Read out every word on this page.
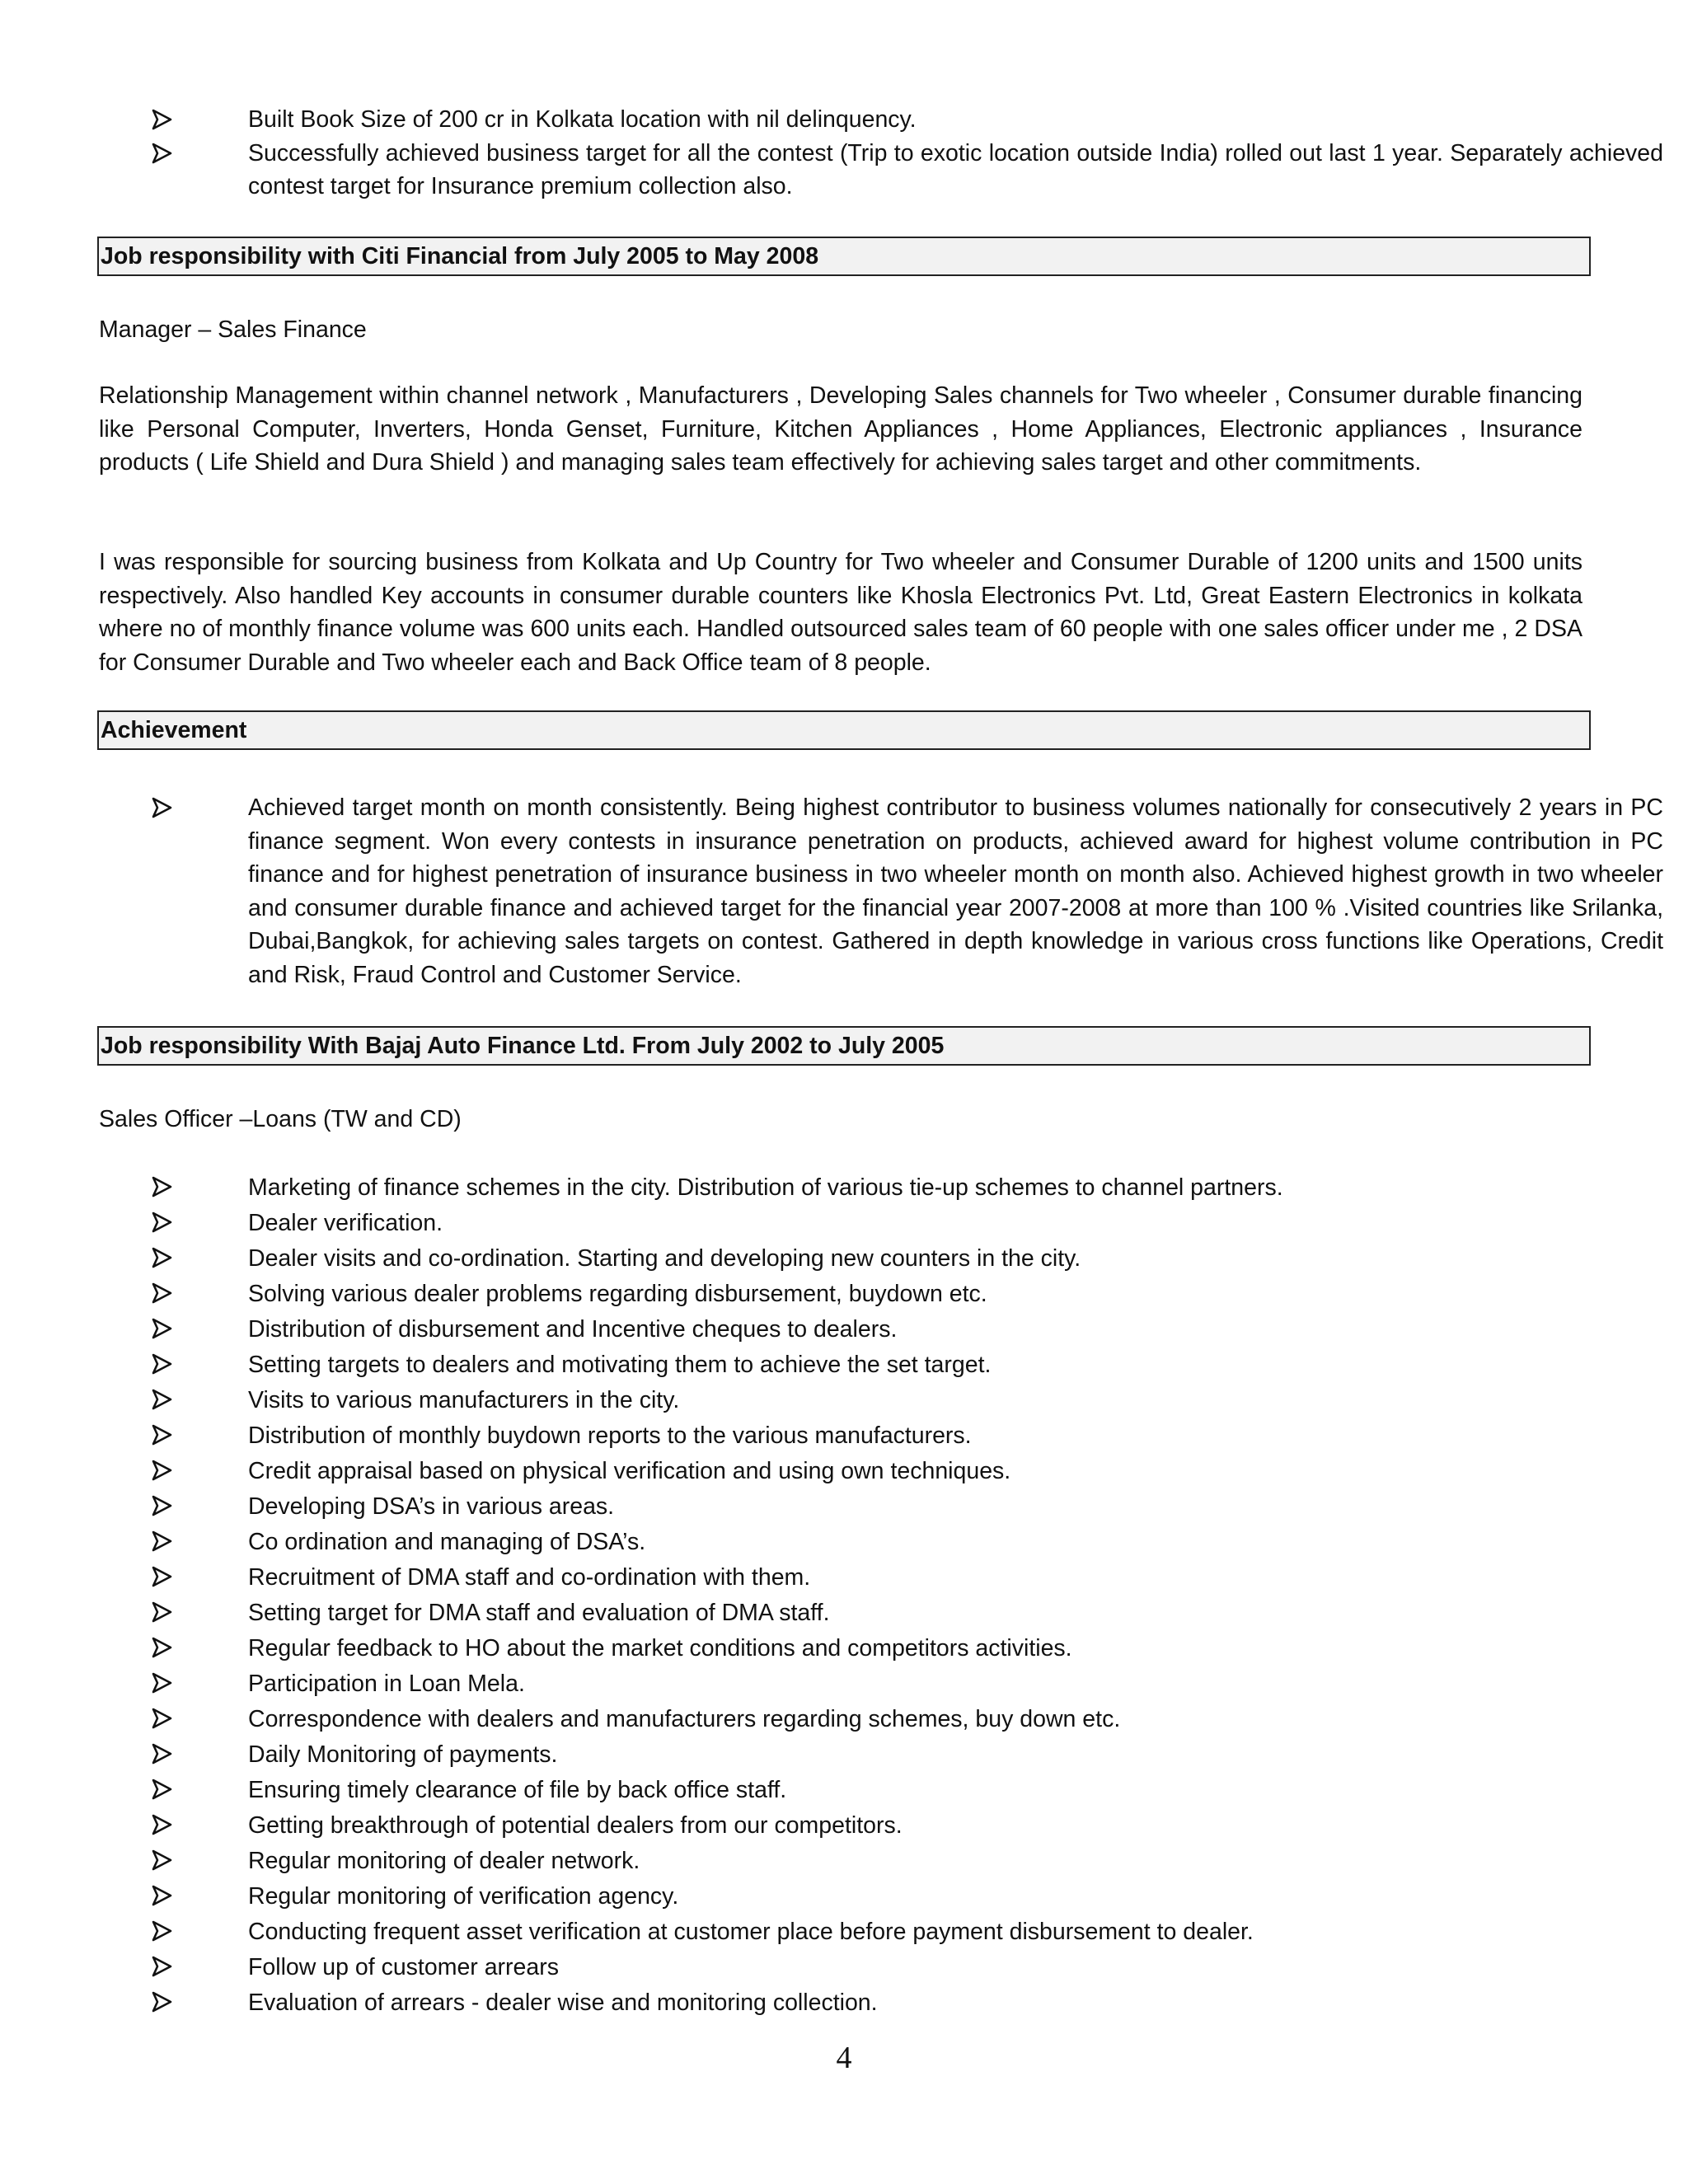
Built Book Size of 200 cr in Kolkata location with nil delinquency.
Successfully achieved business target for all the contest (Trip to exotic location outside India) rolled out last 1 year. Separately achieved contest target for Insurance premium collection also.
Job responsibility with Citi Financial from July 2005 to May 2008
Manager – Sales Finance

Relationship Management within channel network , Manufacturers , Developing Sales channels for Two wheeler , Consumer durable financing like Personal Computer, Inverters, Honda Genset, Furniture, Kitchen Appliances , Home Appliances, Electronic appliances , Insurance products ( Life Shield and Dura Shield ) and managing sales team effectively for achieving sales target and other commitments.

I was responsible for sourcing business from Kolkata and Up Country for Two wheeler and Consumer Durable of 1200 units and 1500 units respectively. Also handled Key accounts in consumer durable counters like Khosla Electronics Pvt. Ltd, Great Eastern Electronics in kolkata where no of monthly finance volume was 600 units each. Handled outsourced sales team of 60 people with one sales officer under me , 2 DSA for Consumer Durable and Two wheeler each and Back Office team of 8 people.

Achievement
Achieved target month on month consistently. Being highest contributor to business volumes nationally for consecutively 2 years in PC finance segment. Won every contests in insurance penetration on products, achieved award for highest volume contribution in PC finance and for highest penetration of insurance business in two wheeler month on month also. Achieved highest growth in two wheeler and consumer durable finance and achieved target for the financial year 2007-2008 at more than 100 % .Visited countries like Srilanka, Dubai,Bangkok, for achieving sales targets on contest. Gathered in depth knowledge in various cross functions like Operations, Credit and Risk, Fraud Control and Customer Service.
Job responsibility With Bajaj Auto Finance Ltd. From July 2002 to July 2005
Sales Officer –Loans (TW and CD)
Marketing of finance schemes in the city. Distribution of various tie-up schemes to channel partners.
Dealer verification.
Dealer visits and co-ordination. Starting and developing new counters in the city.
Solving various dealer problems regarding disbursement, buydown etc.
Distribution of disbursement and Incentive cheques to dealers.
Setting targets to dealers and motivating them to achieve the set target.
Visits to various manufacturers in the city.
Distribution of monthly buydown reports to the various manufacturers.
Credit appraisal based on physical verification and using own techniques.
Developing DSA’s in various areas.
Co ordination and managing of DSA’s.
Recruitment of DMA staff and co-ordination with them.
Setting target for DMA staff and evaluation of DMA staff.
Regular feedback to HO about the market conditions and competitors activities.
Participation in Loan Mela.
Correspondence with dealers and manufacturers regarding schemes, buy down etc.
Daily Monitoring of payments.
Ensuring timely clearance of file by back office staff.
Getting breakthrough of potential dealers from our competitors.
Regular monitoring of dealer network.
Regular monitoring of verification agency.
Conducting frequent asset verification at customer place before payment disbursement to dealer.
Follow up of customer arrears
Evaluation of arrears - dealer wise and monitoring collection.
4
